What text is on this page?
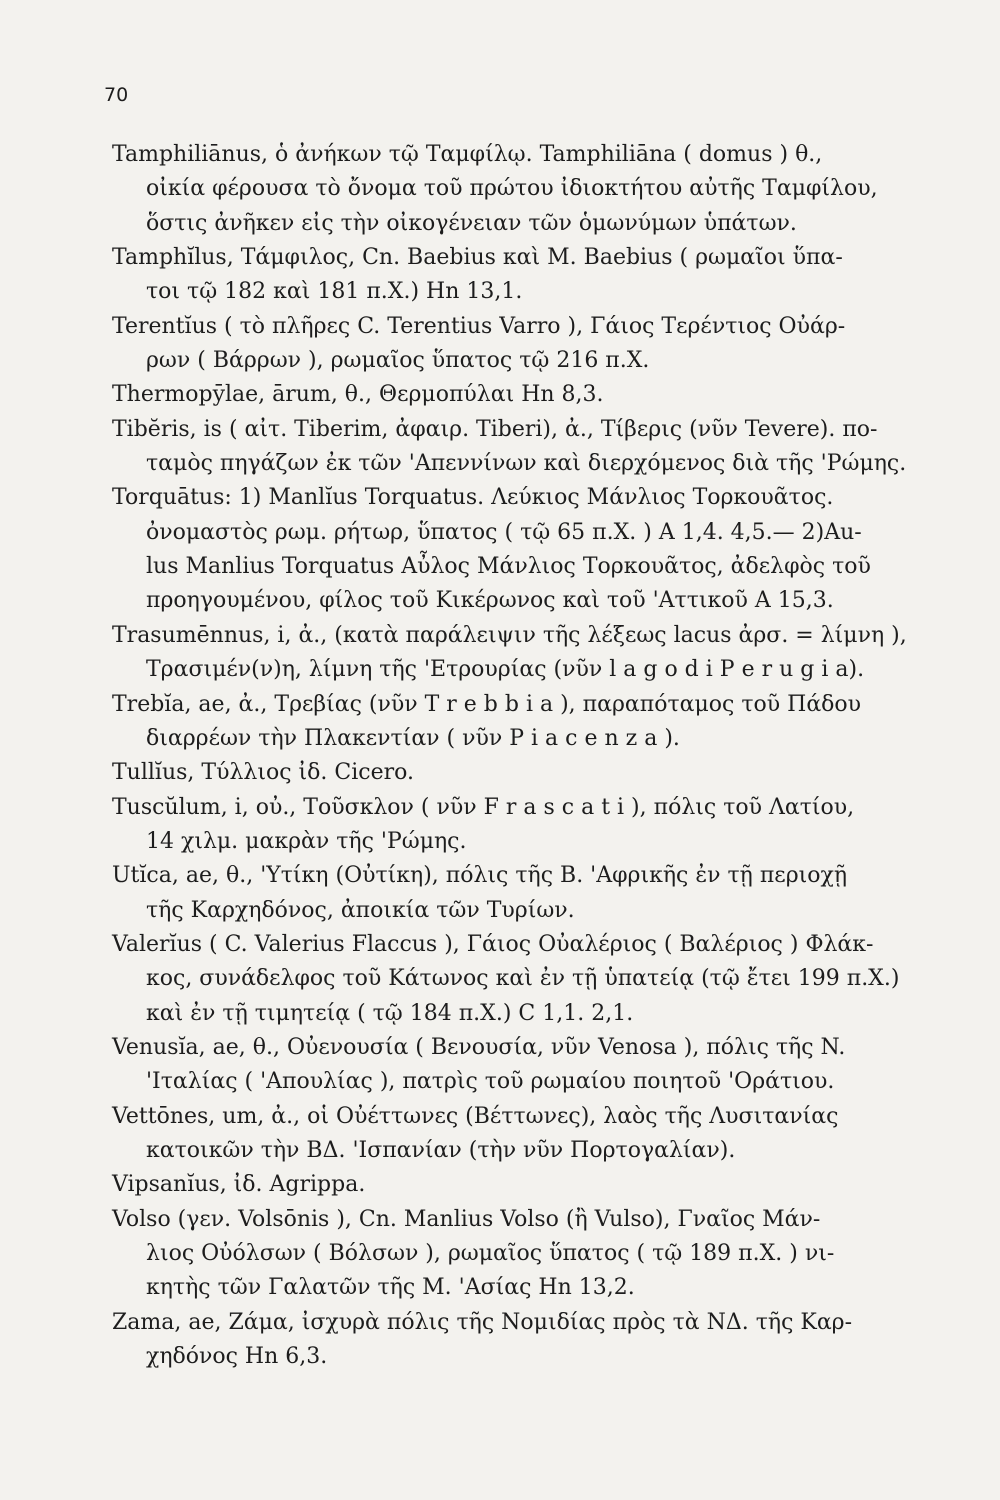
70
Tamphiliānus, ὁ ἀνήκων τῷ Ταμφίλῳ. Tamphiliāna ( domus ) θ.,
οἰκία φέρουσα τὸ ὄνομα τοῦ πρώτου ἰδιοκτήτου αὐτῆς Ταμφίλου,
ὅστις ἀνῆκεν εἰς τὴν οἰκογένειαν τῶν ὁμωνύμων ὑπάτων.
Tamphĭlus, Τάμφιλος, Cn. Baebius καὶ M. Baebius ( ρωμαῖοι ὕπα-
τοι τῷ 182 καὶ 181 π.Χ.) Hn 13,1.
Terentĭus ( τὸ πλῆρες C. Terentius Varro ), Γάιος Τερέντιος Οὐάρ-
ρων ( Βάρρων ), ρωμαῖος ὕπατος τῷ 216 π.Χ.
Thermopȳlae, ārum, θ., Θερμοπύλαι Hn 8,3.
Tibĕris, is ( αἰτ. Tiberim, ἀφαιρ. Tiberi), ἀ., Τίβερις (νῦν Tevere). πο-
ταμὸς πηγάζων ἐκ τῶν 'Απεννίνων καὶ διερχόμενος διὰ τῆς 'Ρώμης.
Torquātus: 1) Manlĭus Torquatus. Λεύκιος Μάνλιος Τορκουᾶτος.
ὀνομαστὸς ρωμ. ρήτωρ, ὕπατος ( τῷ 65 π.Χ. ) A 1,4. 4,5.— 2)Au-
lus Manlius Torquatus Αὖλος Μάνλιος Τορκουᾶτος, ἀδελφὸς τοῦ
προηγουμένου, φίλος τοῦ Κικέρωνος καὶ τοῦ 'Αττικοῦ A 15,3.
Trasumēnnus, i, ἀ., (κατὰ παράλειψιν τῆς λέξεως lacus ἀρσ. = λίμνη ),
Τρασιμέν(ν)η, λίμνη τῆς 'Ετρουρίας (νῦν l a g o d i P e r u g i a).
Trebĭa, ae, ἀ., Τρεβίας (νῦν T r e b b i a ), παραπόταμος τοῦ Πάδου
διαρρέων τὴν Πλακεντίαν ( νῦν P i a c e n z a ).
Tullĭus, Τύλλιος ἰδ. Cicero.
Tuscŭlum, i, οὐ., Τοῦσκλον ( νῦν F r a s c a t i ), πόλις τοῦ Λατίου,
14 χιλμ. μακρὰν τῆς 'Ρώμης.
Utĭca, ae, θ., 'Υτίκη (Οὐτίκη), πόλις τῆς B. 'Αφρικῆς ἐν τῇ περιοχῇ
τῆς Καρχηδόνος, ἀποικία τῶν Τυρίων.
Valerĭus ( C. Valerius Flaccus ), Γάιος Οὐαλέριος ( Βαλέριος ) Φλάκ-
κος, συνάδελφος τοῦ Κάτωνος καὶ ἐν τῇ ὑπατείᾳ (τῷ ἔτει 199 π.Χ.)
καὶ ἐν τῇ τιμητείᾳ ( τῷ 184 π.Χ.) C 1,1. 2,1.
Venusĭa, ae, θ., Οὐενουσία ( Βενουσία, νῦν Venosa ), πόλις τῆς N.
'Ιταλίας ( 'Απουλίας ), πατρὶς τοῦ ρωμαίου ποιητοῦ 'Οράτιου.
Vettōnes, um, ἀ., οἱ Οὐέττωνες (Βέττωνες), λαὸς τῆς Λυσιτανίας
κατοικῶν τὴν ΒΔ. 'Ισπανίαν (τὴν νῦν Πορτογαλίαν).
Vipsanĭus, ἰδ. Agrippa.
Volso (γεν. Volsōnis ), Cn. Manlius Volso (ἢ Vulso), Γναῖος Μάν-
λιος Οὐόλσων ( Βόλσων ), ρωμαῖος ὕπατος ( τῷ 189 π.Χ. ) νι-
κητὴς τῶν Γαλατῶν τῆς M. 'Ασίας Hn 13,2.
Zama, ae, Ζάμα, ἰσχυρὰ πόλις τῆς Νομιδίας πρὸς τὰ ΝΔ. τῆς Καρ-
χηδόνος Hn 6,3.
